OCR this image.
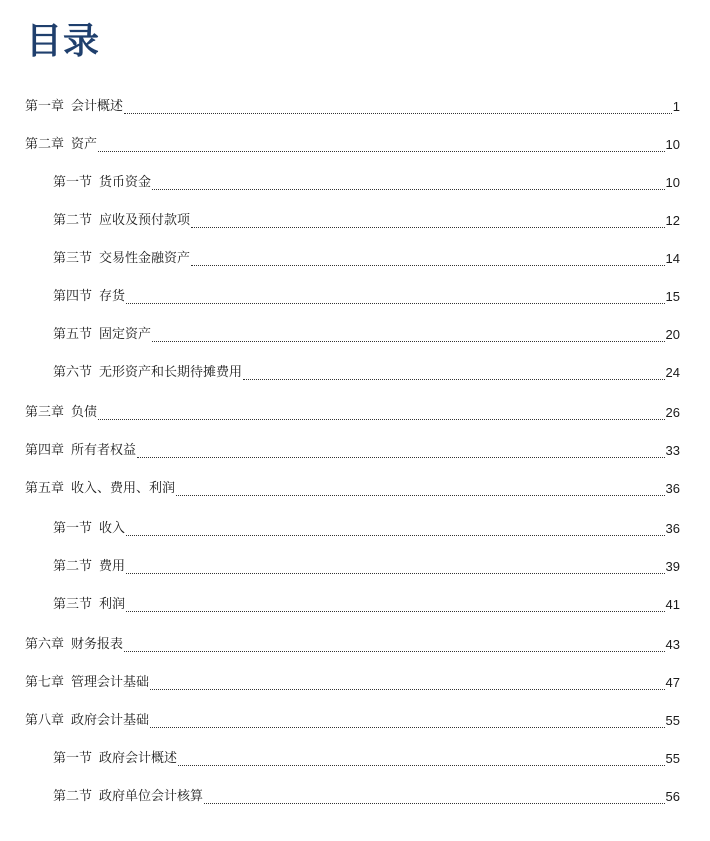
目录
第一章 会计概述	1
第二章 资产	10
第一节 货币资金	10
第二节 应收及预付款项	12
第三节 交易性金融资产	14
第四节 存货	15
第五节 固定资产	20
第六节 无形资产和长期待摊费用	24
第三章 负债	26
第四章 所有者权益	33
第五章 收入、费用、利润	36
第一节 收入	36
第二节 费用	39
第三节 利润	41
第六章 财务报表	43
第七章 管理会计基础	47
第八章 政府会计基础	55
第一节 政府会计概述	55
第二节 政府单位会计核算	56
